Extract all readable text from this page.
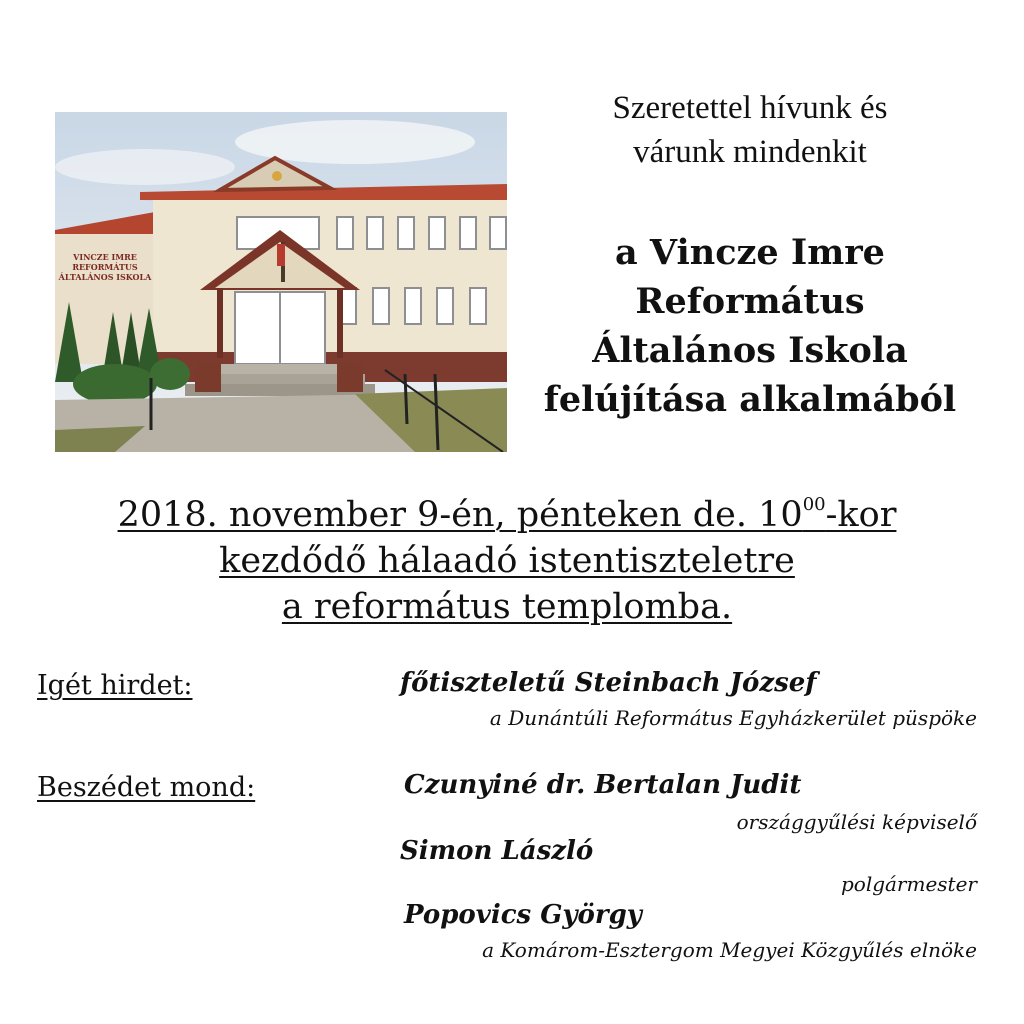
VINCZE IMRE
REFORMÁTUS
ÁLTALÁNOS ISKOLA
Szeretettel hívunk és
várunk mindenkit
a Vincze Imre
Református
Általános Iskola
felújítása alkalmából
2018. november 9-én, pénteken de. $10^{00}$-kor
kezdődő hálaadó istentiszteletre
a református templomba.
Igét hirdet:	főtiszteletű Steinbach József
a Dunántúli Református Egyházkerület püspöke
Beszédet mond:	Czunyiné dr. Bertalan Judit
országgyűlési képviselő
Simon László
polgármester
Popovics György
a Komárom-Esztergom Megyei Közgyűlés elnöke
